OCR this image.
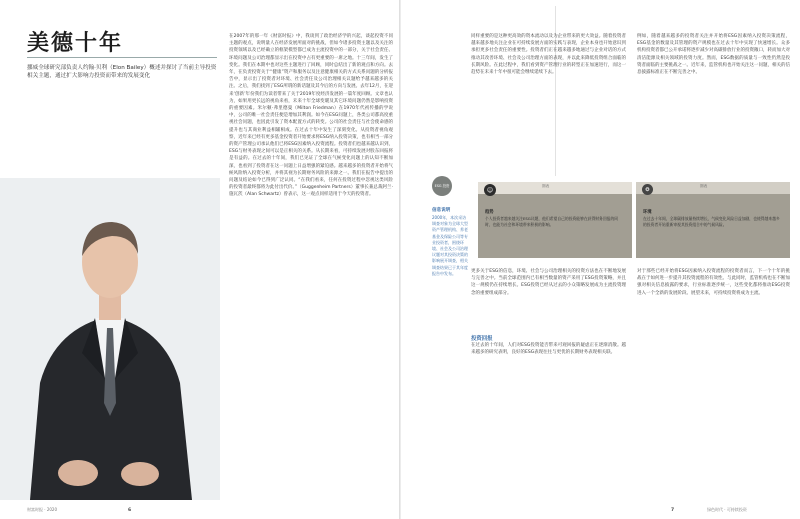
美德十年
挪威全球研究部负责人约翰·贝利（Elon Bailey）概述并探讨了当前主导投资相关主题，通过扩大影响力投资而带来的发展变化

在2007年的那一年《财富时报》中，我谈到了政治经济学的兴起，谈起投资不同主题的观点，说明量人在经济发展所面对的挑战，但如今诸多投资主题以及关注的投资领域以及已经确立的框架模型都已成为主流投资中的一部分，关于社会责任、环境问题及公司治理都显示出在投资中占有更重要的一席之地。十三年间，发生了变化。我们在本期中也对这些主题进行了回顾，同时总结出了新的观点和方向。去年，在负责投资关于“健康”资产和服务以及注意健康相关的方式关系问题的分析报告中，显示出了投资者对环境、社会责任及公司治理相关议题给予越来越多的关注。之后，我们找到了ESG所谓的新话题及其今后的方向与发展。去年12月，在迎来‘创新’年份我们为读者带来了关于2019年度经济发展的一篇年度回顾。文章也认为，如果用更长远的视角来看，未来十年全球变暖及其它环境问题仍然是影响投资的重要因素。米尔顿·弗里德曼（Milton Friedman）在1970年代初传播的学说中，公司的唯一社会责任便是增加其利润。如今在ESG问题上，各类公司都高度重视社会问题，也因此引发了资本配置方式的转变。公司的社会责任与社会使命感的提升也与其商业利益相辅相成。在过去十年中发生了深刻变化。从投资者视角观察，近年来已经有更多基金投资者开始要求将ESG纳入投资决策，也有相当一部分的资产管理公司承认他们已将ESG因素纳入投资流程。投资者们也越来越认识到，ESG与财务表现之间可以是正相关的关系。从长期来看，可持续发展对股东回报将是有益的。在过去的十年间，我们已见证了全球在气候变化问题上的认知不断加深，也看到了投资者在这一问题上日益增强的紧迫感。越来越多的投资者开始将气候风险纳入投资分析，并将其视为长期财务风险的来源之一。我们在报告中提出的问题及结论如今已得到广泛认同。“在我们看来，任何在投资过程中忽视这类风险的投资者最终都将为此付出代价。”（Guggenheim Partners）董事长兼总裁阿兰·施瓦茨（Alan Schwartz）曾表示，这一观点同样适用于今天的投资者。

财富时报 · 2020	6
ESG 投资
信息说明
2000年，本次采访调查对象为全球大型资产管理机构、养老基金及保险公司等专业投资者，围绕环境、社会及公司治理议题对其投资决策的影响展开调查，相关调查结果已于其年度报告中发布。

同样重要的是这种更高效的资本流动以及为企业带来的更大效益。随着投资者越来越多地关注企业在可持续发展方面的实践与表现，企业本身也开始意识到承担更多社会责任的重要性。投资者们正在越来越多地通过与企业对话的方式推动其改善环境、社会及公司治理方面的表现，并以此来降低投资组合面临的长期风险。在此过程中，我们看到资产管理行业的转型正在加速进行，而这一趋势在未来十年中很可能会继续延续下去。

例如，随着越来越多的投资者关注并开始将ESG因素纳入投资决策流程，ESG基金的数量及其管理的资产规模也在过去十年中实现了快速增长。众多机构投资者都已公开承诺将逐步减少对高碳排放行业的投资敞口，转而加大对清洁能源及相关领域的投资力度。然而，ESG数据的质量与一致性仍然是投资者面临的主要挑战之一。近年来，监管机构也开始关注这一问题，相关的信息披露标准正在不断完善之中。

图表
☺
趋势
个人投资者越来越关注ESG议题，他们希望自己的投资能够在获得财务回报的同时，也能为社会和环境带来积极的影响。
图表
❂
环境
在过去十年间，全球碳排放量持续增长，气候变化风险日益加剧，也使得越来越多的投资者开始重新审视其投资组合中的气候风险。

更多关于ESG的信息，环境、社会与公司治理相关的投资方法也在不断地发展与完善之中。当前全球范围内已有相当数量的资产采用了ESG投资策略，并且这一规模仍在持续增长。ESG投资已经从过去的小众策略发展成为主流投资理念的重要组成部分。

投资回报

在过去的十年间，人们对ESG投资能否带来可观回报的疑虑正在逐渐消散。越来越多的研究表明，良好的ESG表现往往与更优的长期财务表现相关联。

对于那些已经开始将ESG因素纳入投资流程的投资者而言，下一个十年的挑战在于如何进一步提升其投资流程的有效性。与此同时，监管机构也在不断加强对相关信息披露的要求，行业标准逐步统一，这些变化都将推动ESG投资进入一个全新的发展阶段。展望未来，可持续投资将成为主流。

7	绿色时代 · 可持续投资
